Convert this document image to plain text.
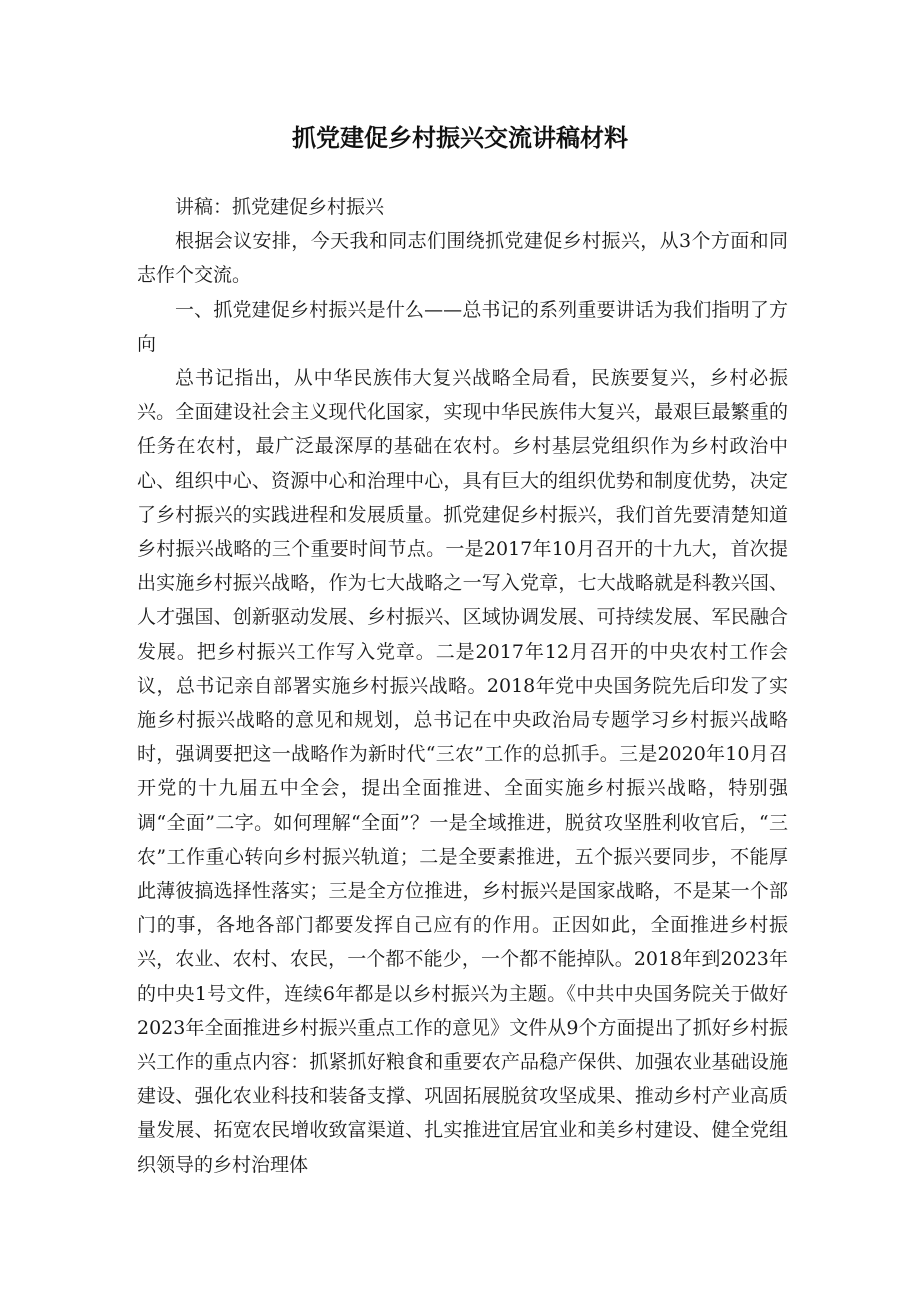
抓党建促乡村振兴交流讲稿材料

讲稿：抓党建促乡村振兴

根据会议安排，今天我和同志们围绕抓党建促乡村振兴，从3个方面和同志作个交流。

一、抓党建促乡村振兴是什么——总书记的系列重要讲话为我们指明了方向

总书记指出，从中华民族伟大复兴战略全局看，民族要复兴，乡村必振兴。全面建设社会主义现代化国家，实现中华民族伟大复兴，最艰巨最繁重的任务在农村，最广泛最深厚的基础在农村。乡村基层党组织作为乡村政治中心、组织中心、资源中心和治理中心，具有巨大的组织优势和制度优势，决定了乡村振兴的实践进程和发展质量。抓党建促乡村振兴，我们首先要清楚知道乡村振兴战略的三个重要时间节点。一是2017年10月召开的十九大，首次提出实施乡村振兴战略，作为七大战略之一写入党章，七大战略就是科教兴国、人才强国、创新驱动发展、乡村振兴、区域协调发展、可持续发展、军民融合发展。把乡村振兴工作写入党章。二是2017年12月召开的中央农村工作会议，总书记亲自部署实施乡村振兴战略。2018年党中央国务院先后印发了实施乡村振兴战略的意见和规划，总书记在中央政治局专题学习乡村振兴战略时，强调要把这一战略作为新时代“三农”工作的总抓手。三是2020年10月召开党的十九届五中全会，提出全面推进、全面实施乡村振兴战略，特别强调“全面”二字。如何理解“全面”？一是全域推进，脱贫攻坚胜利收官后，“三农”工作重心转向乡村振兴轨道；二是全要素推进，五个振兴要同步，不能厚此薄彼搞选择性落实；三是全方位推进，乡村振兴是国家战略，不是某一个部门的事，各地各部门都要发挥自己应有的作用。正因如此，全面推进乡村振兴，农业、农村、农民，一个都不能少，一个都不能掉队。2018年到2023年的中央1号文件，连续6年都是以乡村振兴为主题。《中共中央国务院关于做好2023年全面推进乡村振兴重点工作的意见》文件从9个方面提出了抓好乡村振兴工作的重点内容：抓紧抓好粮食和重要农产品稳产保供、加强农业基础设施建设、强化农业科技和装备支撑、巩固拓展脱贫攻坚成果、推动乡村产业高质量发展、拓宽农民增收致富渠道、扎实推进宜居宜业和美乡村建设、健全党组织领导的乡村治理体
